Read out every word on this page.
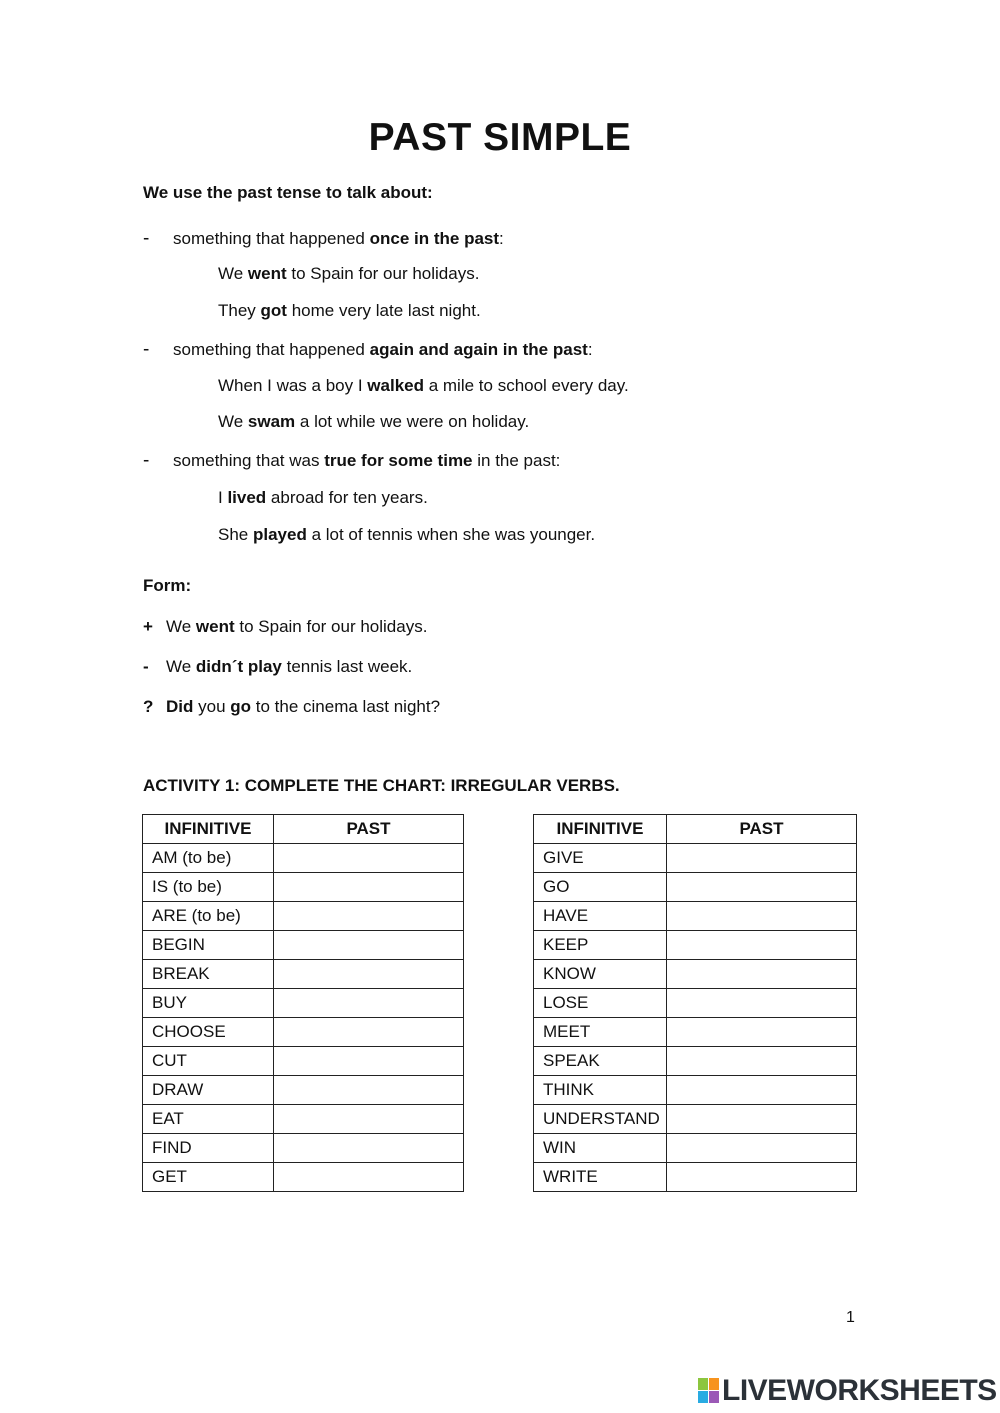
PAST SIMPLE
We use the past tense to talk about:
- something that happened once in the past:
We went to Spain for our holidays.
They got home very late last night.
- something that happened again and again in the past:
When I was a boy I walked a mile to school every day.
We swam a lot while we were on holiday.
- something that was true for some time in the past:
I lived abroad for ten years.
She played a lot of tennis when she was younger.
Form:
+ We went to Spain for our holidays.
- We didn´t play tennis last week.
? Did you go to the cinema last night?
ACTIVITY 1: COMPLETE THE CHART: IRREGULAR VERBS.
INFINITIVE	PAST
AM (to be)	
IS (to be)	
ARE (to be)	
BEGIN	
BREAK	
BUY	
CHOOSE	
CUT	
DRAW	
EAT	
FIND	
GET	
INFINITIVE	PAST
GIVE	
GO	
HAVE	
KEEP	
KNOW	
LOSE	
MEET	
SPEAK	
THINK	
UNDERSTAND	
WIN	
WRITE	
1
LIVEWORKSHEETS
